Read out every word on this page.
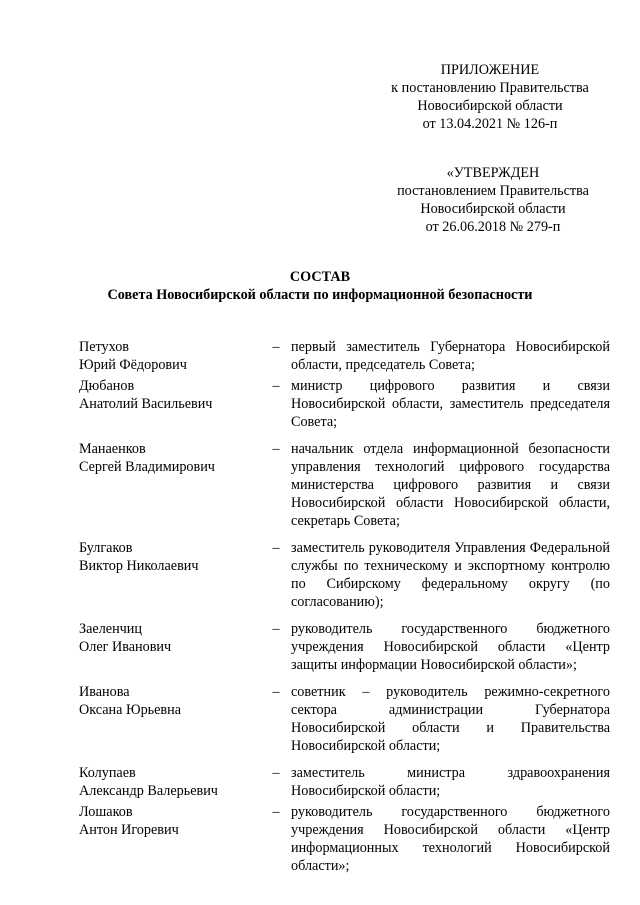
ПРИЛОЖЕНИЕ
к постановлению Правительства
Новосибирской области
от 13.04.2021 № 126-п
«УТВЕРЖДЕН
постановлением Правительства
Новосибирской области
от 26.06.2018 № 279-п
СОСТАВ
Совета Новосибирской области по информационной безопасности
Петухов
Юрий Фёдорович
– первый заместитель Губернатора Новосибирской области, председатель Совета;
Дюбанов
Анатолий Васильевич
– министр цифрового развития и связи Новосибирской области, заместитель председателя Совета;
Манаенков
Сергей Владимирович
– начальник отдела информационной безопасности управления технологий цифрового государства министерства цифрового развития и связи Новосибирской области Новосибирской области, секретарь Совета;
Булгаков
Виктор Николаевич
– заместитель руководителя Управления Федеральной службы по техническому и экспортному контролю по Сибирскому федеральному округу (по согласованию);
Заеленчиц
Олег Иванович
– руководитель государственного бюджетного учреждения Новосибирской области «Центр защиты информации Новосибирской области»;
Иванова
Оксана Юрьевна
– советник – руководитель режимно-секретного сектора администрации Губернатора Новосибирской области и Правительства Новосибирской области;
Колупаев
Александр Валерьевич
– заместитель министра здравоохранения Новосибирской области;
Лошаков
Антон Игоревич
– руководитель государственного бюджетного учреждения Новосибирской области «Центр информационных технологий Новосибирской области»;
